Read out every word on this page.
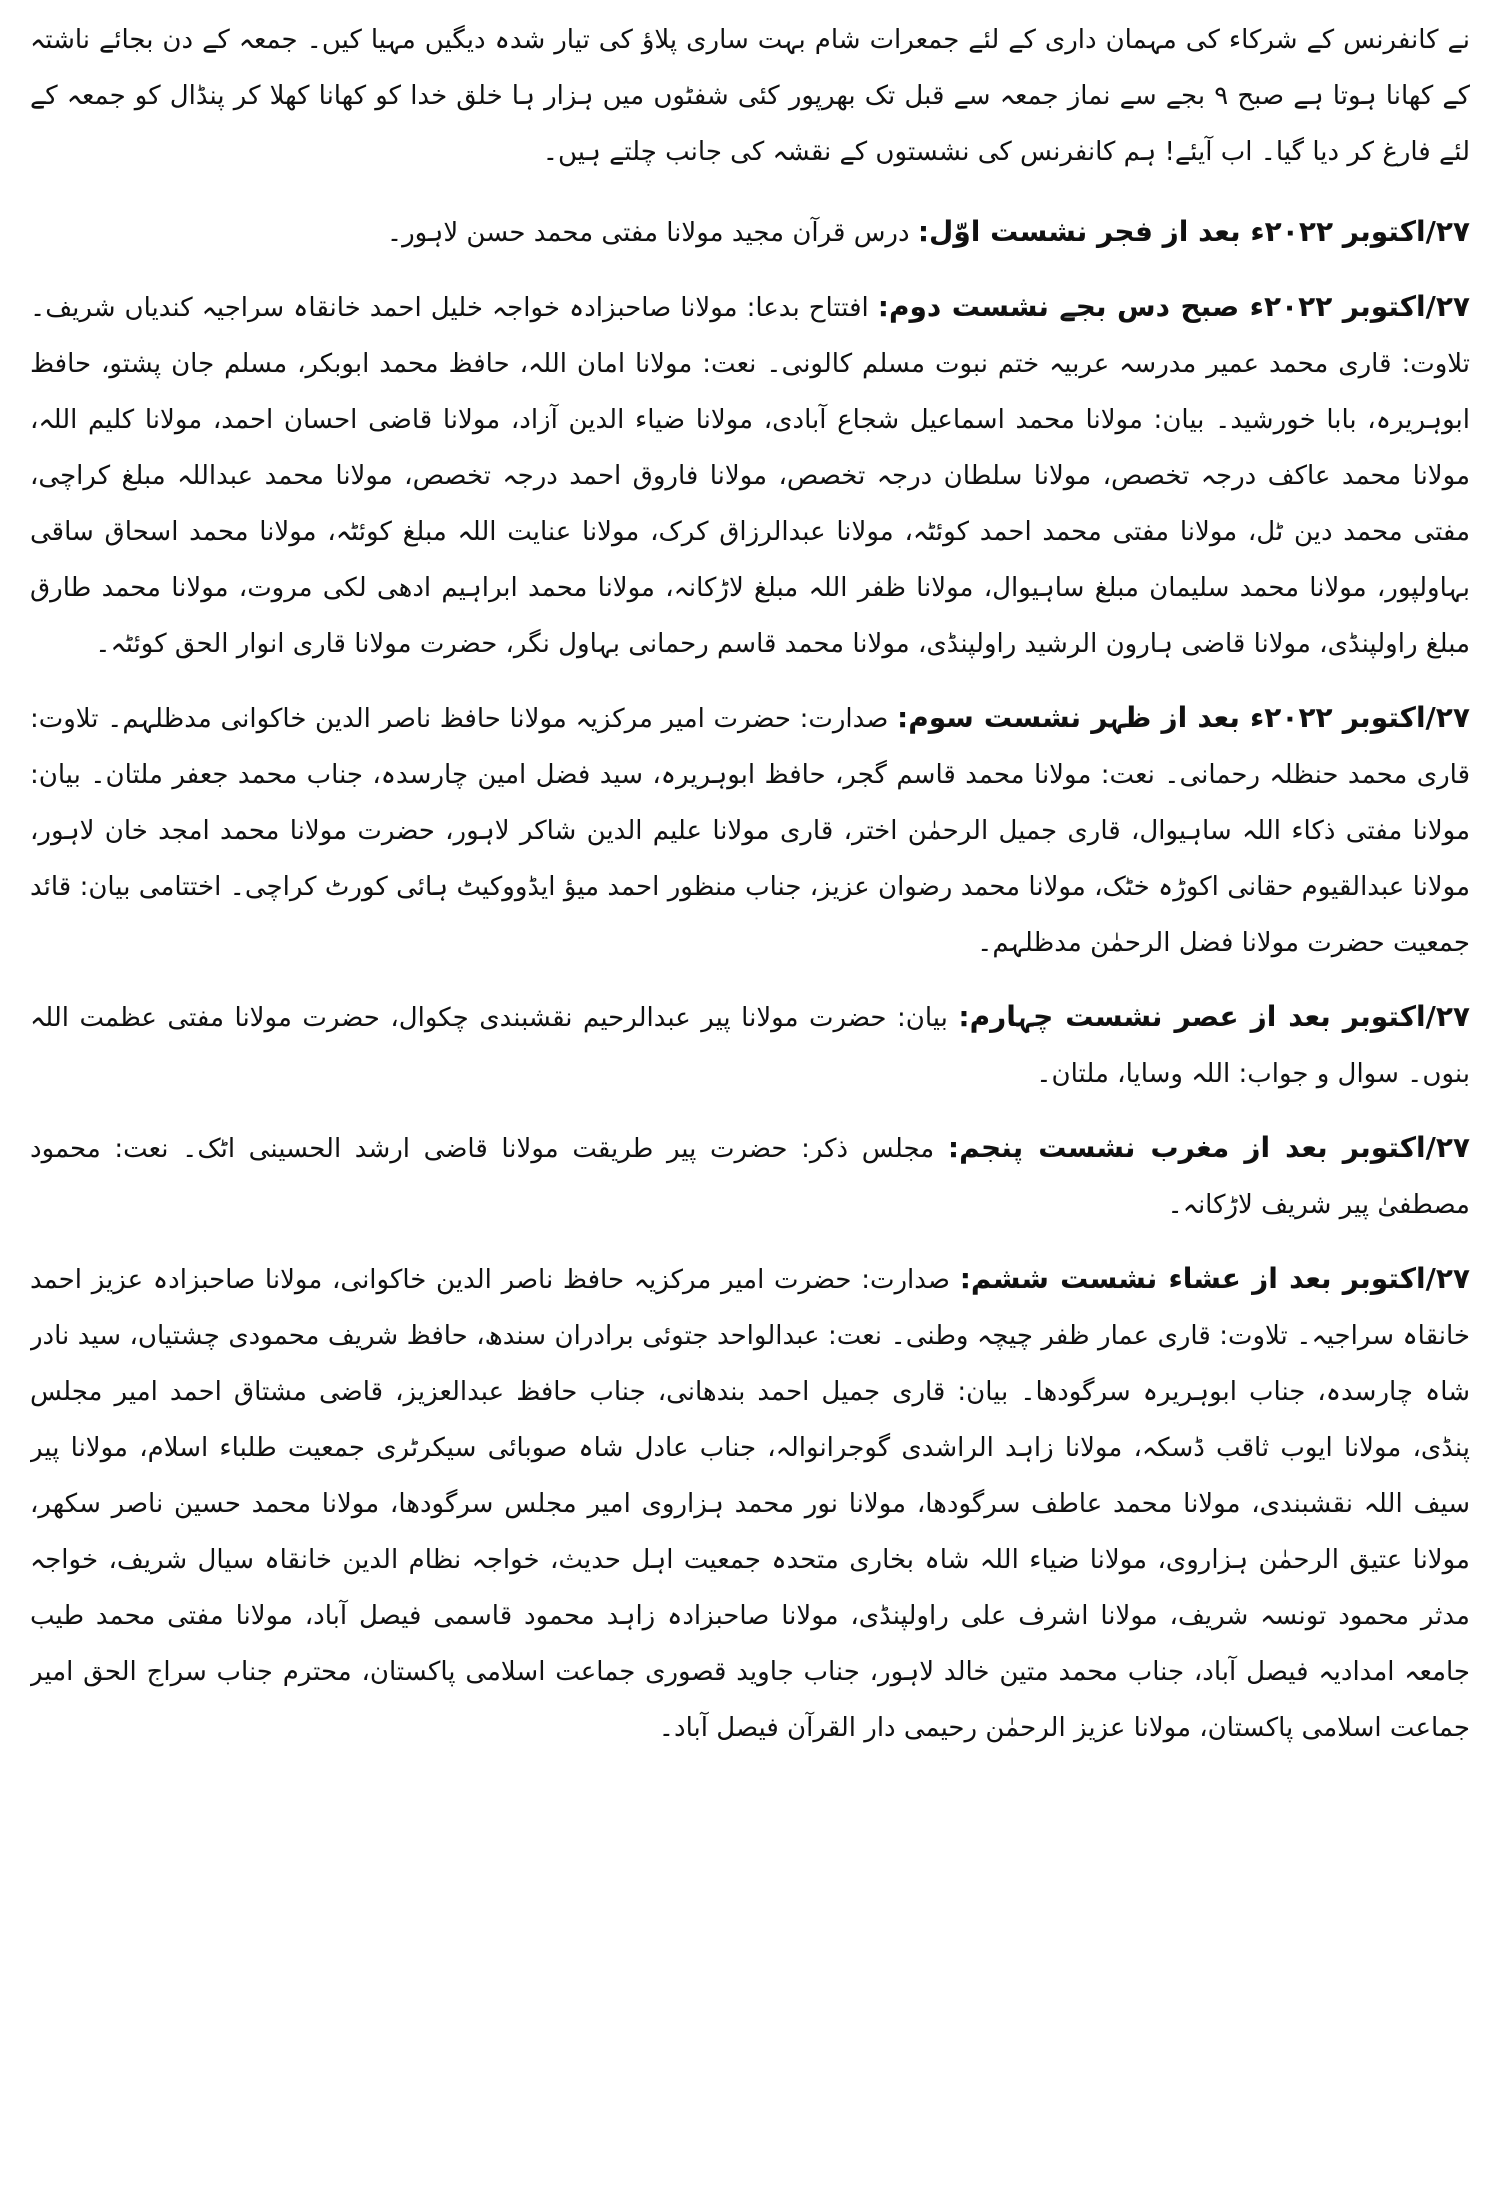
نے کانفرنس کے شرکاء کی مہمان داری کے لئے جمعرات شام بہت ساری پلاؤ کی تیار شدہ دیگیں مہیا کیں۔ جمعہ کے دن بجائے ناشتہ کے کھانا ہوتا ہے صبح ۹ بجے سے نماز جمعہ سے قبل تک بھرپور کئی شفٹوں میں ہزار ہا خلق خدا کو کھانا کھلا کر پنڈال کو جمعہ کے لئے فارغ کر دیا گیا۔ اب آیئے! ہم کانفرنس کی نشستوں کے نقشہ کی جانب چلتے ہیں۔

۲۷/اکتوبر ۲۰۲۲ء بعد از فجر نشست اوّل: درس قرآن مجید مولانا مفتی محمد حسن لاہور۔

۲۷/اکتوبر ۲۰۲۲ء صبح دس بجے نشست دوم: افتتاح بدعا: مولانا صاحبزادہ خواجہ خلیل احمد خانقاہ سراجیہ کندیاں شریف۔ تلاوت: قاری محمد عمیر مدرسہ عربیہ ختم نبوت مسلم کالونی۔ نعت: مولانا امان اللہ، حافظ محمد ابوبکر، مسلم جان پشتو، حافظ ابوہریرہ، بابا خورشید۔ بیان: مولانا محمد اسماعیل شجاع آبادی، مولانا ضیاء الدین آزاد، مولانا قاضی احسان احمد، مولانا کلیم اللہ، مولانا محمد عاکف درجہ تخصص، مولانا سلطان درجہ تخصص، مولانا فاروق احمد درجہ تخصص، مولانا محمد عبداللہ مبلغ کراچی، مفتی محمد دین ٹل، مولانا مفتی محمد احمد کوئٹہ، مولانا عبدالرزاق کرک، مولانا عنایت اللہ مبلغ کوئٹہ، مولانا محمد اسحاق ساقی بہاولپور، مولانا محمد سلیمان مبلغ ساہیوال، مولانا ظفر اللہ مبلغ لاڑکانہ، مولانا محمد ابراہیم ادھی لکی مروت، مولانا محمد طارق مبلغ راولپنڈی، مولانا قاضی ہارون الرشید راولپنڈی، مولانا محمد قاسم رحمانی بہاول نگر، حضرت مولانا قاری انوار الحق کوئٹہ۔

۲۷/اکتوبر ۲۰۲۲ء بعد از ظہر نشست سوم: صدارت: حضرت امیر مرکزیہ مولانا حافظ ناصر الدین خاکوانی مدظلہم۔ تلاوت: قاری محمد حنظلہ رحمانی۔ نعت: مولانا محمد قاسم گجر، حافظ ابوہریرہ، سید فضل امین چارسدہ، جناب محمد جعفر ملتان۔ بیان: مولانا مفتی ذکاء اللہ ساہیوال، قاری جمیل الرحمٰن اختر، قاری مولانا علیم الدین شاکر لاہور، حضرت مولانا محمد امجد خان لاہور، مولانا عبدالقیوم حقانی اکوڑہ خٹک، مولانا محمد رضوان عزیز، جناب منظور احمد میؤ ایڈووکیٹ ہائی کورٹ کراچی۔ اختتامی بیان: قائد جمعیت حضرت مولانا فضل الرحمٰن مدظلہم۔

۲۷/اکتوبر بعد از عصر نشست چہارم: بیان: حضرت مولانا پیر عبدالرحیم نقشبندی چکوال، حضرت مولانا مفتی عظمت اللہ بنوں۔ سوال و جواب: اللہ وسایا، ملتان۔

۲۷/اکتوبر بعد از مغرب نشست پنجم: مجلس ذکر: حضرت پیر طریقت مولانا قاضی ارشد الحسینی اٹک۔ نعت: محمود مصطفیٰ پیر شریف لاڑکانہ۔

۲۷/اکتوبر بعد از عشاء نشست ششم: صدارت: حضرت امیر مرکزیہ حافظ ناصر الدین خاکوانی، مولانا صاحبزادہ عزیز احمد خانقاہ سراجیہ۔ تلاوت: قاری عمار ظفر چیچہ وطنی۔ نعت: عبدالواحد جتوئی برادران سندھ، حافظ شریف محمودی چشتیاں، سید نادر شاہ چارسدہ، جناب ابوہریرہ سرگودھا۔ بیان: قاری جمیل احمد بندھانی، جناب حافظ عبدالعزیز، قاضی مشتاق احمد امیر مجلس پنڈی، مولانا ایوب ثاقب ڈسکہ، مولانا زاہد الراشدی گوجرانوالہ، جناب عادل شاہ صوبائی سیکرٹری جمعیت طلباء اسلام، مولانا پیر سیف اللہ نقشبندی، مولانا محمد عاطف سرگودھا، مولانا نور محمد ہزاروی امیر مجلس سرگودھا، مولانا محمد حسین ناصر سکھر، مولانا عتیق الرحمٰن ہزاروی، مولانا ضیاء اللہ شاہ بخاری متحدہ جمعیت اہل حدیث، خواجہ نظام الدین خانقاہ سیال شریف، خواجہ مدثر محمود تونسہ شریف، مولانا اشرف علی راولپنڈی، مولانا صاحبزادہ زاہد محمود قاسمی فیصل آباد، مولانا مفتی محمد طیب جامعہ امدادیہ فیصل آباد، جناب محمد متین خالد لاہور، جناب جاوید قصوری جماعت اسلامی پاکستان، محترم جناب سراج الحق امیر جماعت اسلامی پاکستان، مولانا عزیز الرحمٰن رحیمی دار القرآن فیصل آباد۔
